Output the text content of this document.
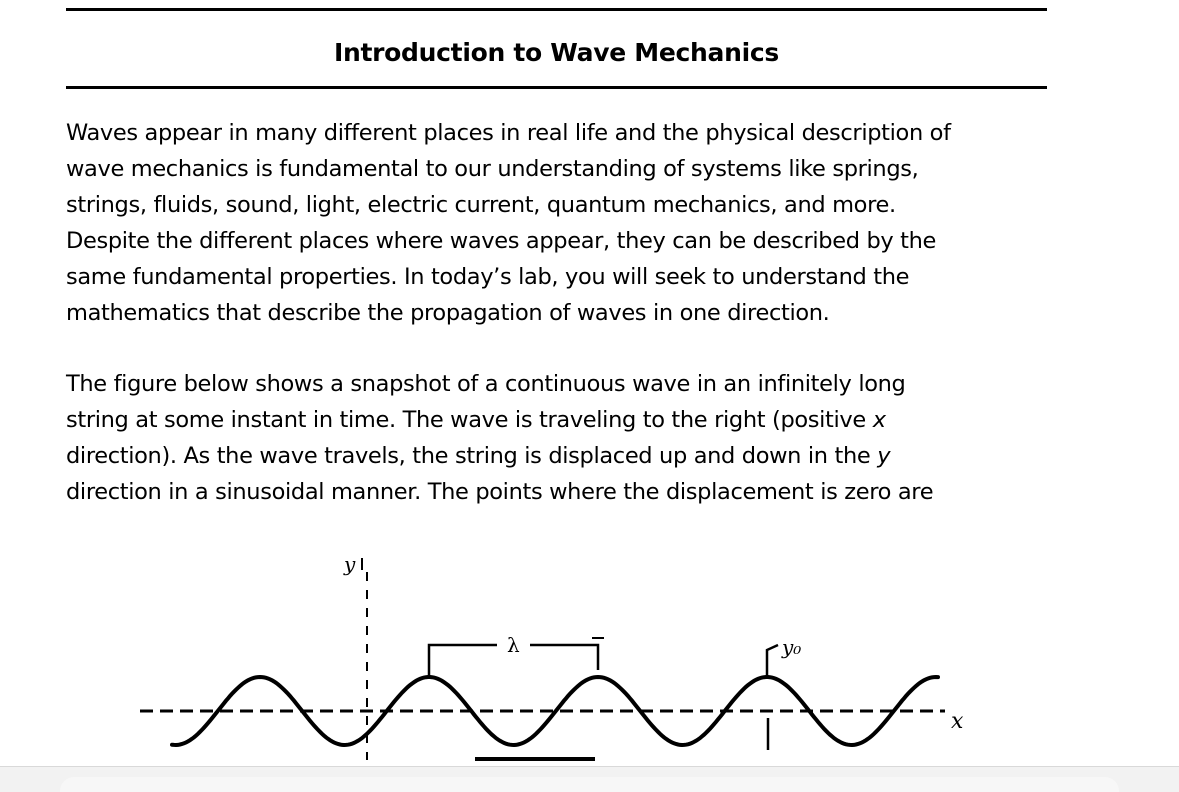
Introduction to Wave Mechanics

Waves appear in many different places in real life and the physical description of
wave mechanics is fundamental to our understanding of systems like springs,
strings, fluids, sound, light, electric current, quantum mechanics, and more.
Despite the different places where waves appear, they can be described by the
same fundamental properties. In today’s lab, you will seek to understand the
mathematics that describe the propagation of waves in one direction.

The figure below shows a snapshot of a continuous wave in an infinitely long
string at some instant in time. The wave is traveling to the right (positive x
direction). As the wave travels, the string is displaced up and down in the y
direction in a sinusoidal manner. The points where the displacement is zero are

λ	y₀
y
x
